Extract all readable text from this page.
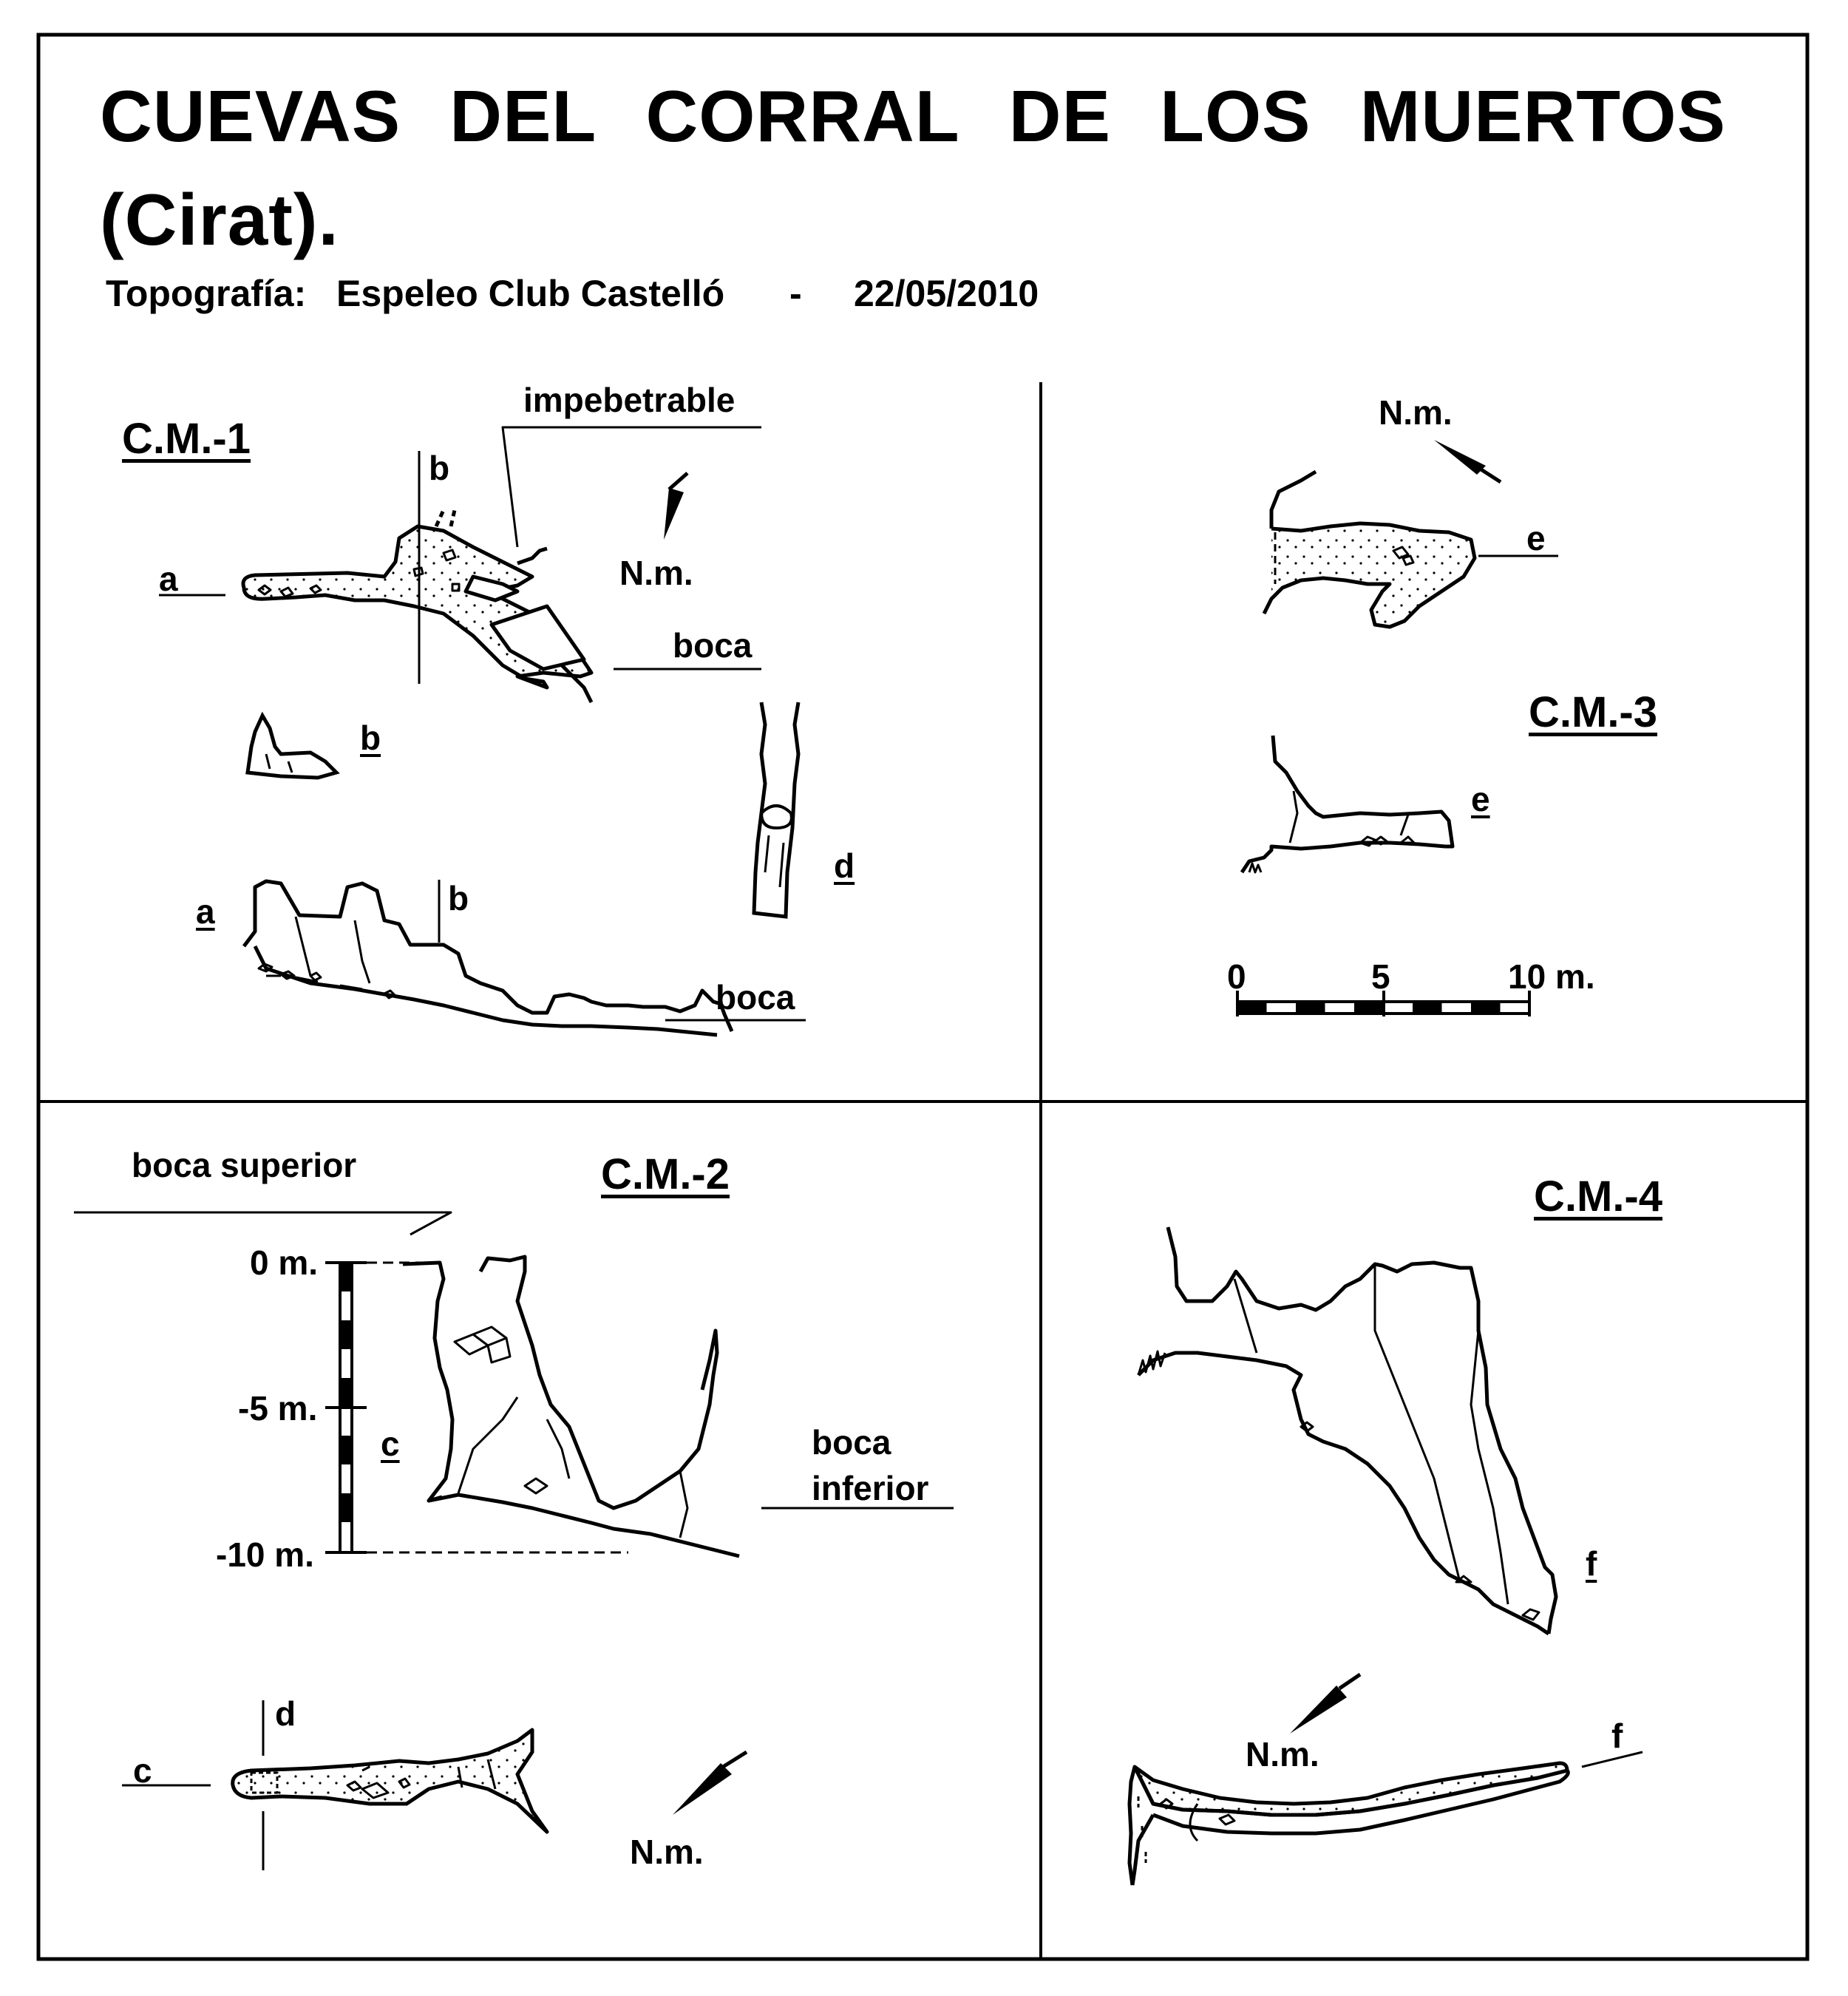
CUEVAS DEL CORRAL DE LOS MUERTOS
(Cirat).
Topografía: Espeleo Club Castelló - 22/05/2010
C.M.-1
impebetrable
N.m.
boca
a
b
b
d
a	b
boca
boca superior	C.M.-2
0 m.
-5 m.
-10 m.
c	boca
inferior
d
c
N.m.
N.m.
e
C.M.-3
e
0	5	10 m.
C.M.-4
f
f
N.m.
